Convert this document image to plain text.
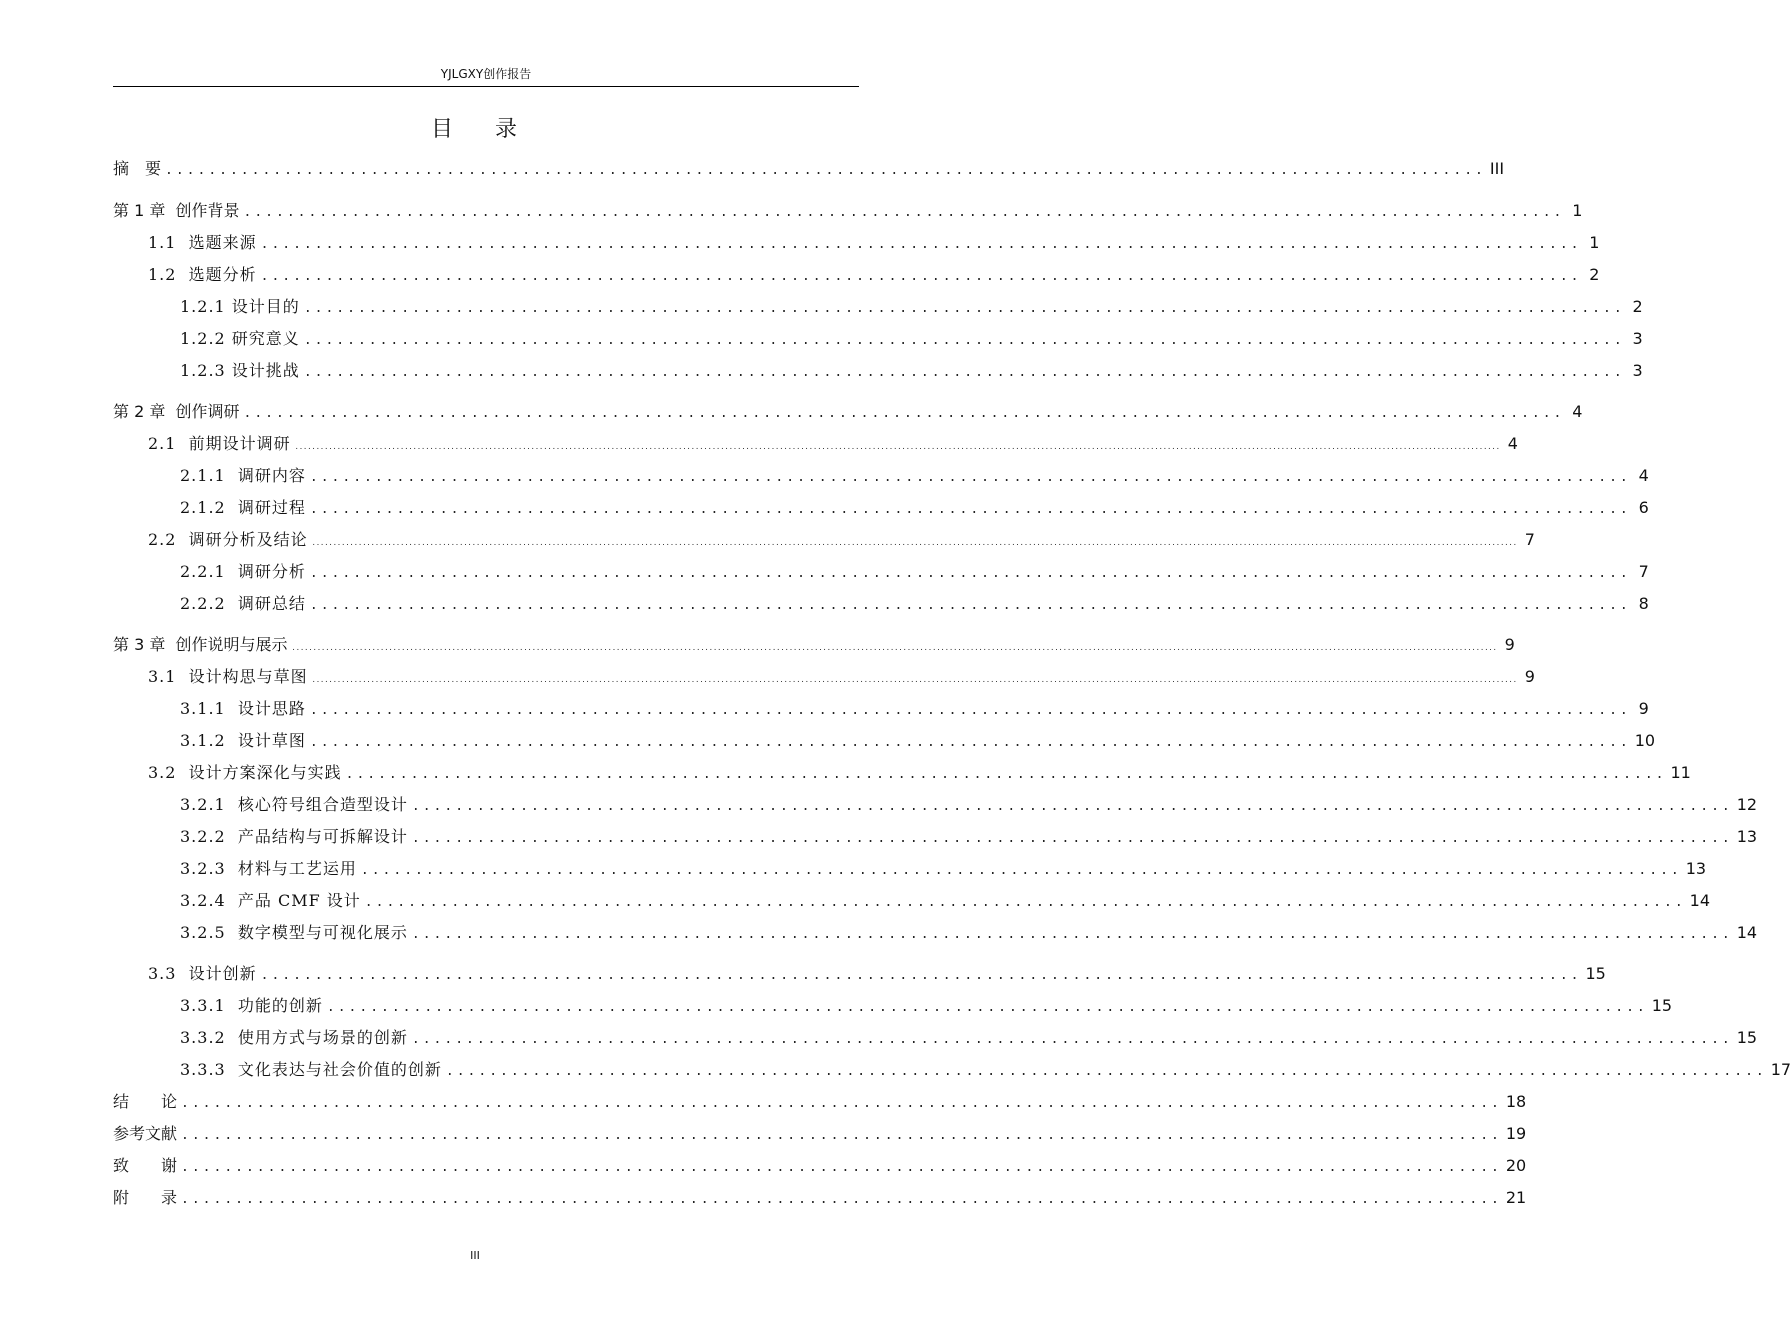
YJLGXY创作报告
目 录
摘　要 .......................................................................................................................... III
第 1 章  创作背景 .......................................................................................................................... 1
1.1  选题来源 .......................................................................................................................... 1
1.2  选题分析 .......................................................................................................................... 2
1.2.1 设计目的 .......................................................................................................................... 2
1.2.2 研究意义 .......................................................................................................................... 3
1.2.3 设计挑战 .......................................................................................................................... 3
第 2 章  创作调研 .......................................................................................................................... 4
2.1  前期设计调研 .............................................................................................................................................................................................................................................................................................. 4
2.1.1  调研内容 .......................................................................................................................... 4
2.1.2  调研过程 .......................................................................................................................... 6
2.2  调研分析及结论 .............................................................................................................................................................................................................................................................................................. 7
2.2.1  调研分析 .......................................................................................................................... 7
2.2.2  调研总结 .......................................................................................................................... 8
第 3 章  创作说明与展示 .............................................................................................................................................................................................................................................................................................. 9
3.1  设计构思与草图 .............................................................................................................................................................................................................................................................................................. 9
3.1.1  设计思路 .......................................................................................................................... 9
3.1.2  设计草图 .......................................................................................................................... 10
3.2  设计方案深化与实践 .......................................................................................................................... 11
3.2.1  核心符号组合造型设计 .......................................................................................................................... 12
3.2.2  产品结构与可拆解设计 .......................................................................................................................... 13
3.2.3  材料与工艺运用 .......................................................................................................................... 13
3.2.4  产品 CMF 设计 .......................................................................................................................... 14
3.2.5  数字模型与可视化展示 .......................................................................................................................... 14
3.3  设计创新 .......................................................................................................................... 15
3.3.1  功能的创新 .......................................................................................................................... 15
3.3.2  使用方式与场景的创新 .......................................................................................................................... 15
3.3.3  文化表达与社会价值的创新 .......................................................................................................................... 17
结　　论 .......................................................................................................................... 18
参考文献 .......................................................................................................................... 19
致　　谢 .......................................................................................................................... 20
附　　录 .......................................................................................................................... 21
III
